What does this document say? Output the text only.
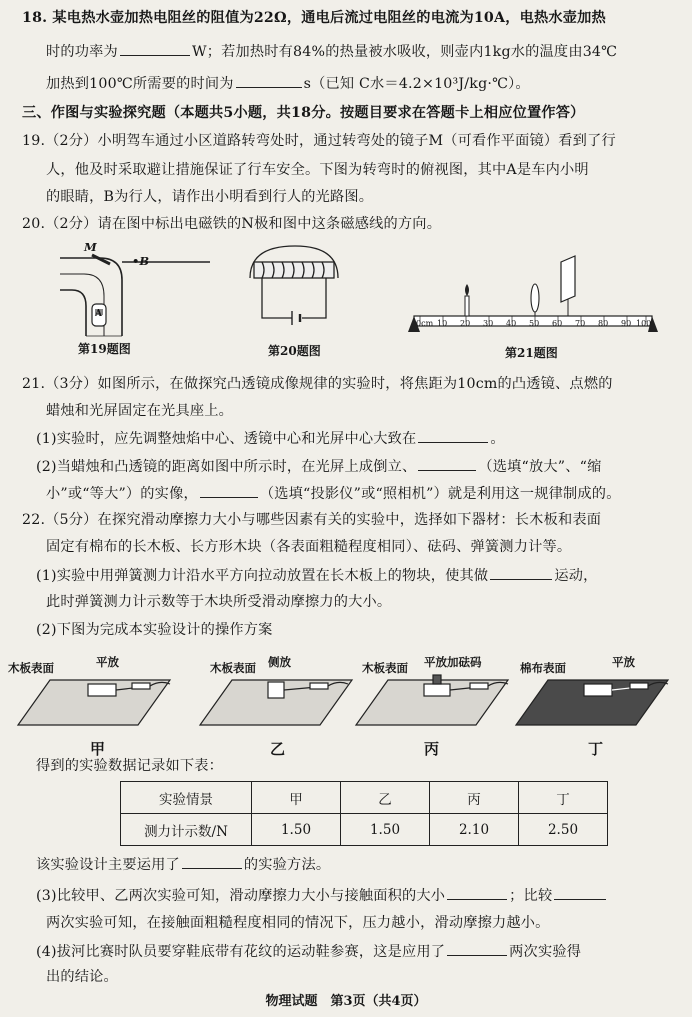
18. 某电热水壶加热电阻丝的阻值为22Ω，通电后流过电阻丝的电流为10A，电热水壶加热
时的功率为	W；若加热时有84%的热量被水吸收，则壶内1kg水的温度由34℃
加热到100℃所需要的时间为	s（已知 C水＝4.2×10³J/kg·℃）。
三、作图与实验探究题（本题共5小题，共18分。按题目要求在答题卡上相应位置作答）
19.（2分）小明驾车通过小区道路转弯处时，通过转弯处的镜子M（可看作平面镜）看到了行
人，他及时采取避让措施保证了行车安全。下图为转弯时的俯视图，其中A是车内小明
的眼睛，B为行人，请作出小明看到行人的光路图。
20.（2分）请在图中标出电磁铁的N极和图中这条磁感线的方向。
M
•B
A
第19题图	第20题图
0cm 10 20 30 40 50 60 70 80 90 100
第21题图
21.（3分）如图所示，在做探究凸透镜成像规律的实验时，将焦距为10cm的凸透镜、点燃的
蜡烛和光屏固定在光具座上。
(1)实验时，应先调整烛焰中心、透镜中心和光屏中心大致在	。
(2)当蜡烛和凸透镜的距离如图中所示时，在光屏上成倒立、	（选填“放大”、“缩
小”或“等大”）的实像，	（选填“投影仪”或“照相机”）就是利用这一规律制成的。
22.（5分）在探究滑动摩擦力大小与哪些因素有关的实验中，选择如下器材：长木板和表面
固定有棉布的长木板、长方形木块（各表面粗糙程度相同）、砝码、弹簧测力计等。
(1)实验中用弹簧测力计沿水平方向拉动放置在长木板上的物块，使其做	运动，
此时弹簧测力计示数等于木块所受滑动摩擦力的大小。
(2)下图为完成本实验设计的操作方案
木板表面	平放
甲
木板表面 侧放
乙
木板表面 平放加砝码
丙
棉布表面	平放
丁
得到的实验数据记录如下表：
实验情景	甲	乙	丙	丁
测力计示数/N	1.50	1.50	2.10	2.50
该实验设计主要运用了	的实验方法。
(3)比较甲、乙两次实验可知，滑动摩擦力大小与接触面积的大小	；比较
两次实验可知，在接触面粗糙程度相同的情况下，压力越小，滑动摩擦力越小。
(4)拔河比赛时队员要穿鞋底带有花纹的运动鞋参赛，这是应用了	两次实验得
出的结论。
物理试题　第3页（共4页）
